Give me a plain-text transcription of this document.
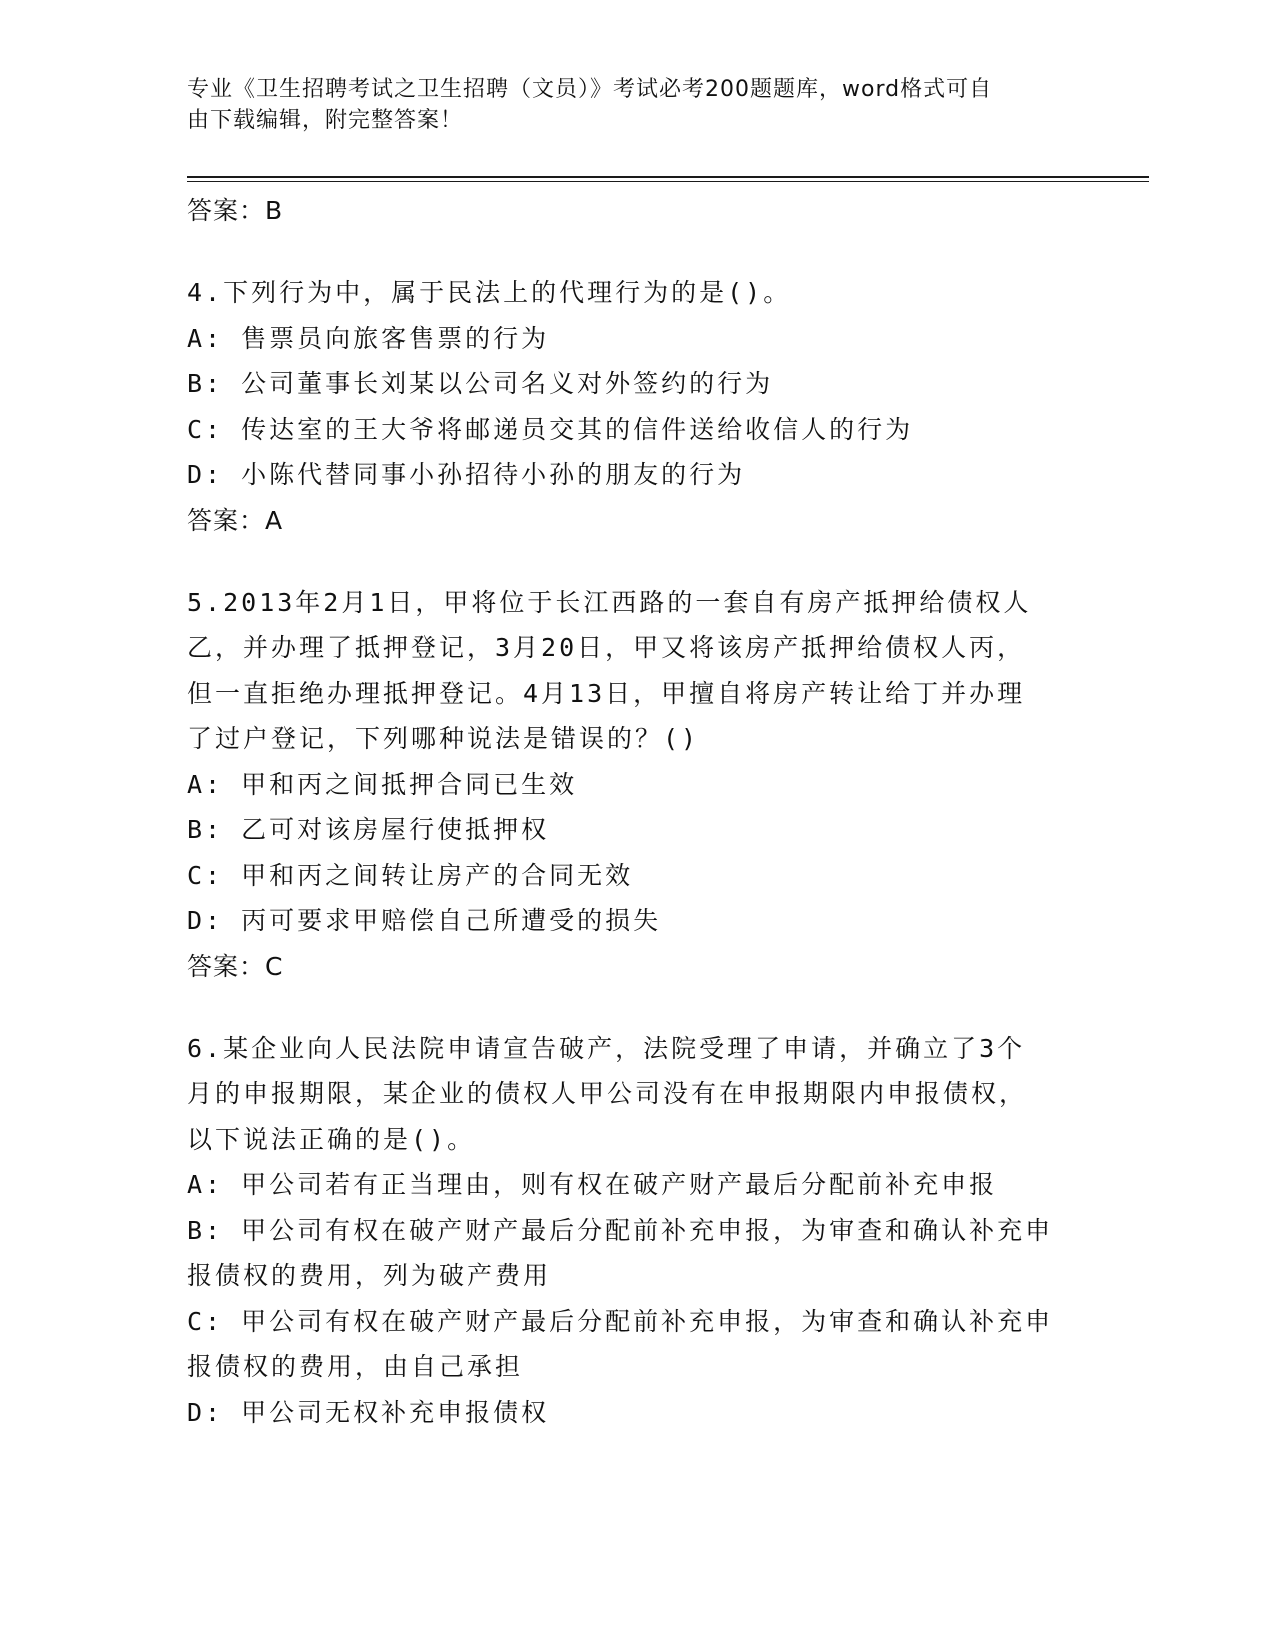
专业《卫生招聘考试之卫生招聘（文员）》考试必考200题题库，word格式可自
由下载编辑，附完整答案！

答案：B

4.下列行为中，属于民法上的代理行为的是()。

A: 售票员向旅客售票的行为

B: 公司董事长刘某以公司名义对外签约的行为

C: 传达室的王大爷将邮递员交其的信件送给收信人的行为

D: 小陈代替同事小孙招待小孙的朋友的行为

答案：A

5.2013年2月1日，甲将位于长江西路的一套自有房产抵押给债权人

乙，并办理了抵押登记，3月20日，甲又将该房产抵押给债权人丙，

但一直拒绝办理抵押登记。4月13日，甲擅自将房产转让给丁并办理

了过户登记，下列哪种说法是错误的？()

A: 甲和丙之间抵押合同已生效

B: 乙可对该房屋行使抵押权

C: 甲和丙之间转让房产的合同无效

D: 丙可要求甲赔偿自己所遭受的损失

答案：C

6.某企业向人民法院申请宣告破产，法院受理了申请，并确立了3个

月的申报期限，某企业的债权人甲公司没有在申报期限内申报债权，

以下说法正确的是()。

A: 甲公司若有正当理由，则有权在破产财产最后分配前补充申报

B: 甲公司有权在破产财产最后分配前补充申报，为审查和确认补充申

报债权的费用，列为破产费用

C: 甲公司有权在破产财产最后分配前补充申报，为审查和确认补充申

报债权的费用，由自己承担

D: 甲公司无权补充申报债权
